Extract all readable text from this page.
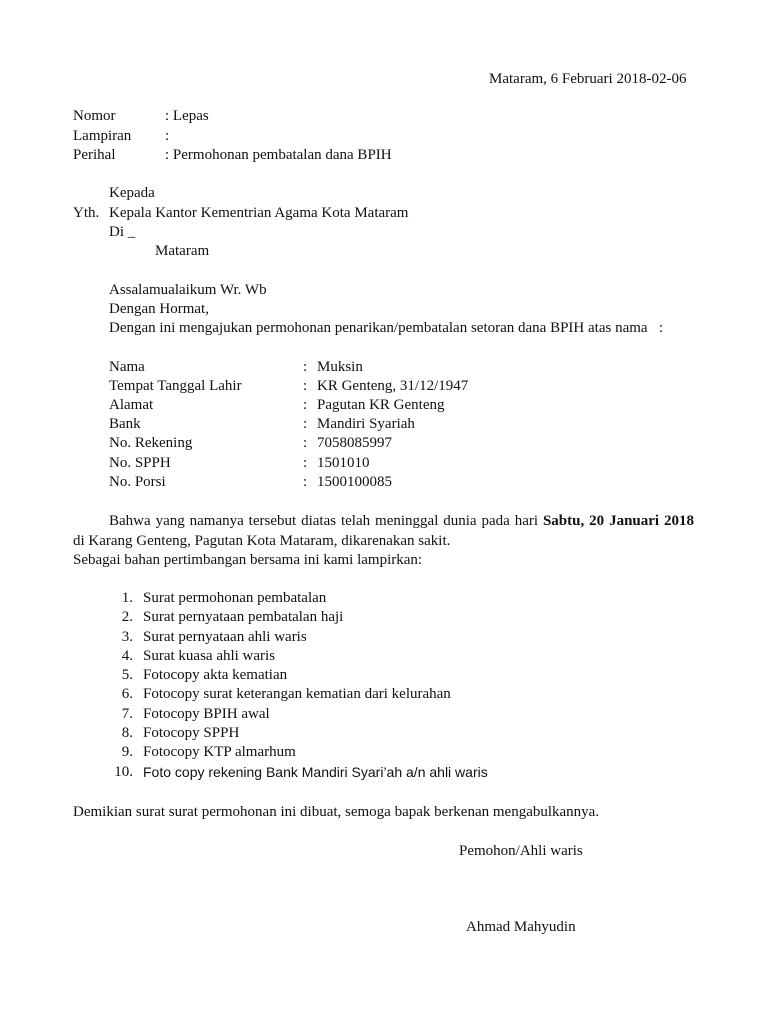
Mataram, 6 Februari 2018-02-06
Nomor	: Lepas
Lampiran :
Perihal	: Permohonan pembatalan dana BPIH
Kepada
Yth. Kepala Kantor Kementrian Agama Kota Mataram
Di _
Mataram
Assalamualaikum Wr. Wb
Dengan Hormat,
Dengan ini mengajukan permohonan penarikan/pembatalan setoran dana BPIH atas nama   :
Nama	: Muksin
Tempat Tanggal Lahir	: KR Genteng, 31/12/1947
Alamat	: Pagutan KR Genteng
Bank	: Mandiri Syariah
No. Rekening	: 7058085997
No. SPPH	: 1501010
No. Porsi	: 1500100085
Bahwa yang namanya tersebut diatas telah meninggal dunia pada hari Sabtu, 20 Januari 2018 di Karang Genteng, Pagutan Kota Mataram, dikarenakan sakit.
Sebagai bahan pertimbangan bersama ini kami lampirkan:
1. Surat permohonan pembatalan
2. Surat pernyataan pembatalan haji
3. Surat pernyataan ahli waris
4. Surat kuasa ahli waris
5. Fotocopy akta kematian
6. Fotocopy surat keterangan kematian dari kelurahan
7. Fotocopy BPIH awal
8. Fotocopy SPPH
9. Fotocopy KTP almarhum
10. Foto copy rekening Bank Mandiri Syari’ah a/n ahli waris
Demikian surat surat permohonan ini dibuat, semoga bapak berkenan mengabulkannya.
Pemohon/Ahli waris
Ahmad Mahyudin
